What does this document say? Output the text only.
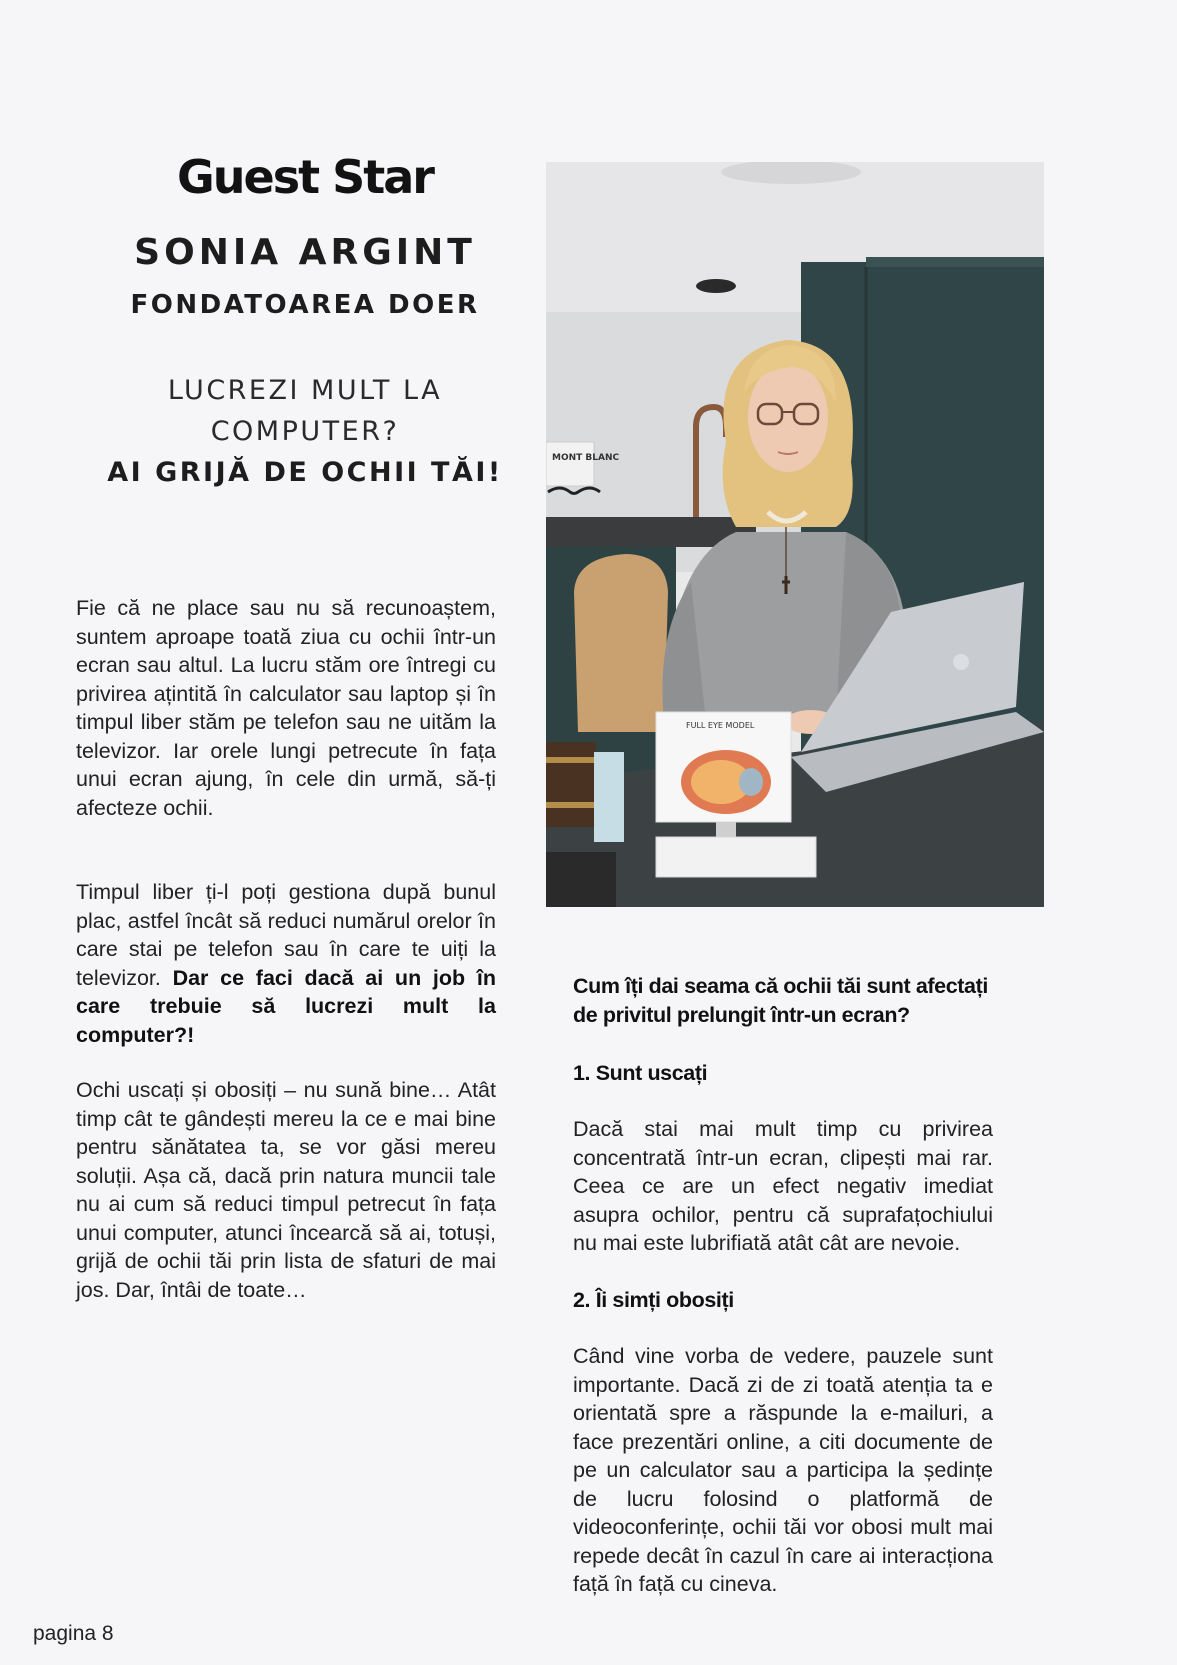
Guest Star
SONIA ARGINT
FONDATOAREA DOER
LUCREZI MULT LA
COMPUTER?
AI GRIJĂ DE OCHII TĂI!	MONT BLANC
FULL EYE MODEL
Fie că ne place sau nu să recunoaștem, suntem aproape toată ziua cu ochii într-un ecran sau altul. La lucru stăm ore întregi cu privirea ațintită în calculator sau laptop și în timpul liber stăm pe telefon sau ne uităm la televizor. Iar orele lungi petrecute în fața unui ecran ajung, în cele din urmă, să-ți afecteze ochii.
Timpul liber ți-l poți gestiona după bunul plac, astfel încât să reduci numărul orelor în care stai pe telefon sau în care te uiți la televizor. Dar ce faci dacă ai un job în care trebuie să lucrezi mult la computer?!
Ochi uscați și obosiți – nu sună bine… Atât timp cât te gândești mereu la ce e mai bine pentru sănătatea ta, se vor găsi mereu soluții. Așa că, dacă prin natura muncii tale nu ai cum să reduci timpul petrecut în fața unui computer, atunci încearcă să ai, totuși, grijă de ochii tăi prin lista de sfaturi de mai jos. Dar, întâi de toate…
Cum îți dai seama că ochii tăi sunt afectați de privitul prelungit într-un ecran?
1. Sunt uscați
Dacă stai mai mult timp cu privirea concentrată într-un ecran, clipești mai rar. Ceea ce are un efect negativ imediat asupra ochilor, pentru că suprafațochiului nu mai este lubrifiată atât cât are nevoie.
2. Îi simți obosiți
Când vine vorba de vedere, pauzele sunt importante. Dacă zi de zi toată atenția ta e orientată spre a răspunde la e-mailuri, a face prezentări online, a citi documente de pe un calculator sau a participa la ședințe de lucru folosind o platformă de videoconferințe, ochii tăi vor obosi mult mai repede decât în cazul în care ai interacționa față în față cu cineva.
pagina 8
